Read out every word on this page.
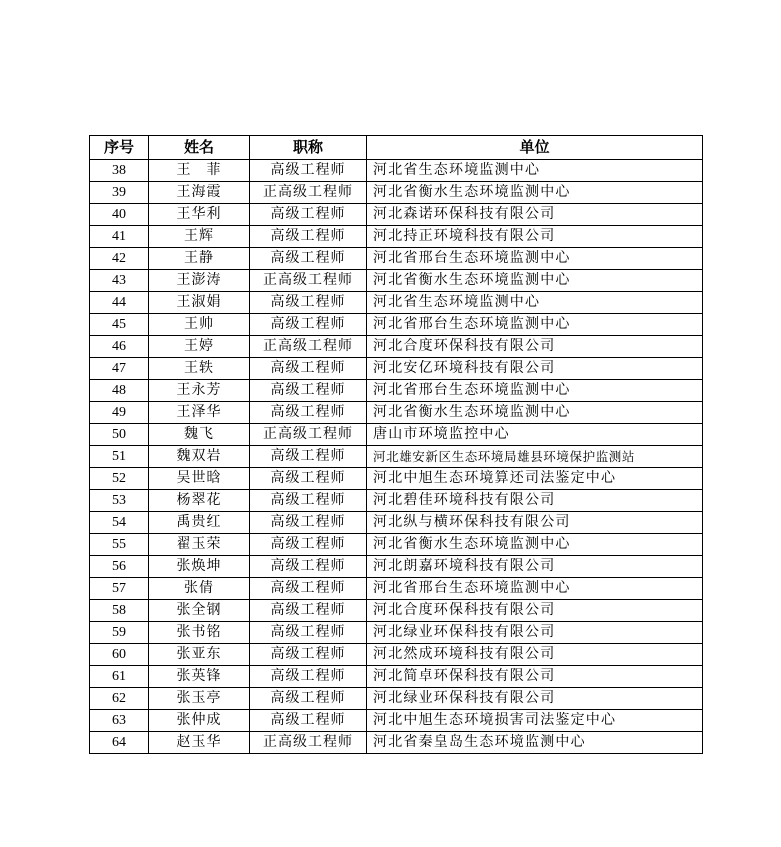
序号	姓名	职称	单位
38	王　菲	高级工程师	河北省生态环境监测中心
39	王海霞	正高级工程师	河北省衡水生态环境监测中心
40	王华利	高级工程师	河北森诺环保科技有限公司
41	王辉	高级工程师	河北持正环境科技有限公司
42	王静	高级工程师	河北省邢台生态环境监测中心
43	王澎涛	正高级工程师	河北省衡水生态环境监测中心
44	王淑娟	高级工程师	河北省生态环境监测中心
45	王帅	高级工程师	河北省邢台生态环境监测中心
46	王婷	正高级工程师	河北合度环保科技有限公司
47	王轶	高级工程师	河北安亿环境科技有限公司
48	王永芳	高级工程师	河北省邢台生态环境监测中心
49	王泽华	高级工程师	河北省衡水生态环境监测中心
50	魏飞	正高级工程师	唐山市环境监控中心
51	魏双岩	高级工程师	河北雄安新区生态环境局雄县环境保护监测站
52	吴世晗	高级工程师	河北中旭生态环境算还司法鉴定中心
53	杨翠花	高级工程师	河北碧佳环境科技有限公司
54	禹贵红	高级工程师	河北纵与横环保科技有限公司
55	翟玉荣	高级工程师	河北省衡水生态环境监测中心
56	张焕坤	高级工程师	河北朗嘉环境科技有限公司
57	张倩	高级工程师	河北省邢台生态环境监测中心
58	张全钢	高级工程师	河北合度环保科技有限公司
59	张书铭	高级工程师	河北绿业环保科技有限公司
60	张亚东	高级工程师	河北然成环境科技有限公司
61	张英锋	高级工程师	河北简卓环保科技有限公司
62	张玉亭	高级工程师	河北绿业环保科技有限公司
63	张仲成	高级工程师	河北中旭生态环境损害司法鉴定中心
64	赵玉华	正高级工程师	河北省秦皇岛生态环境监测中心
